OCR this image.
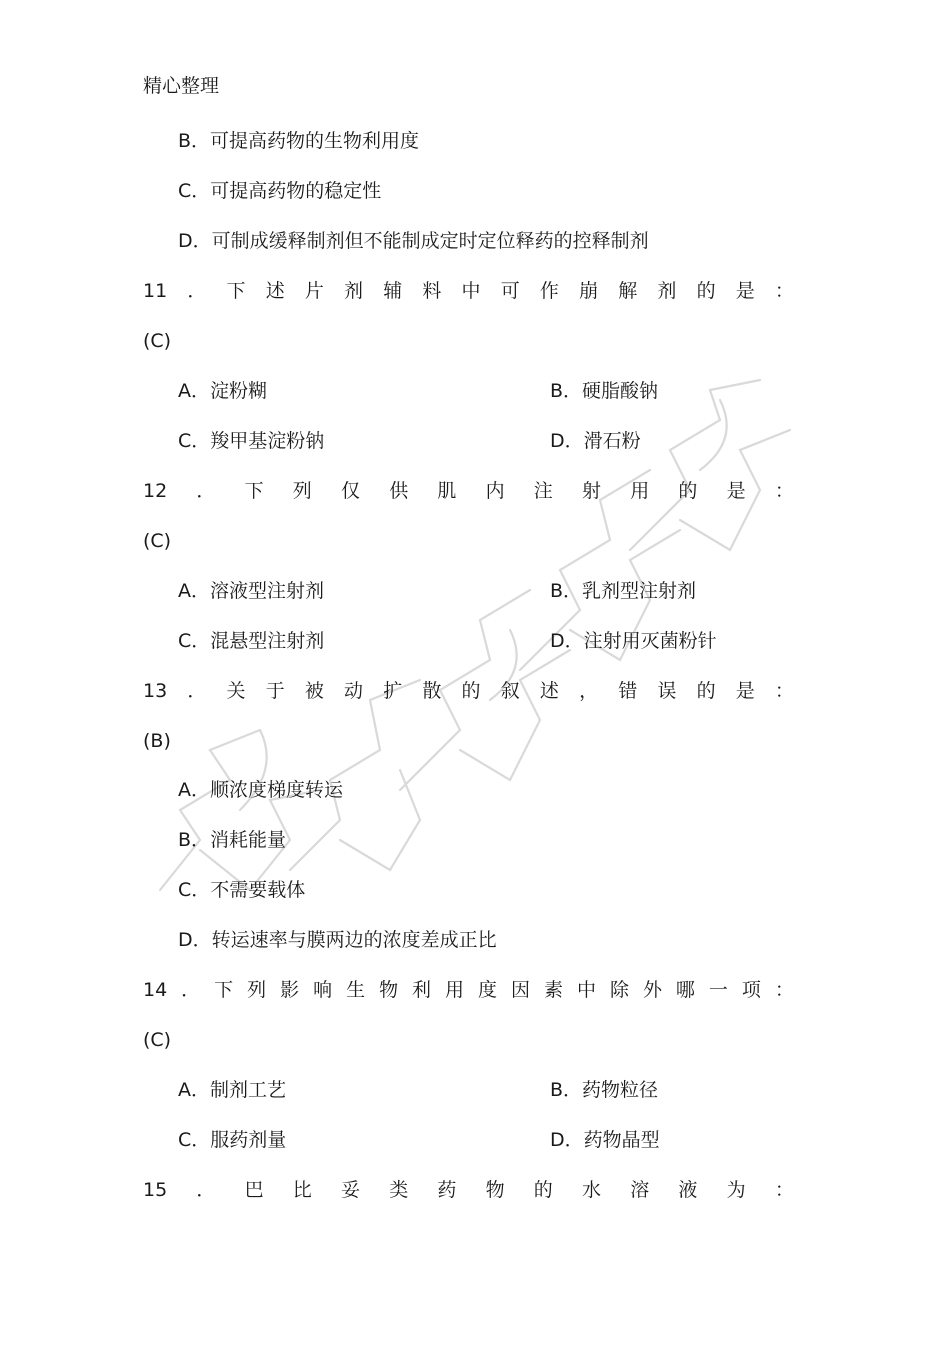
精心整理
B．可提高药物的生物利用度
C．可提高药物的稳定性
D．可制成缓释制剂但不能制成定时定位释药的控释制剂
11 ． 下 述 片 剂 辅 料 中 可 作 崩 解 剂 的 是 ：
(C)
A．淀粉糊	B．硬脂酸钠
C．羧甲基淀粉钠	D．滑石粉
12 ． 下 列 仅 供 肌 内 注 射 用 的 是 ：
(C)
A．溶液型注射剂	B．乳剂型注射剂
C．混悬型注射剂	D．注射用灭菌粉针
13 ． 关 于 被 动 扩 散 的 叙 述 ， 错 误 的 是 ：
(B)
A．顺浓度梯度转运
B．消耗能量
C．不需要载体
D．转运速率与膜两边的浓度差成正比
14 ． 下 列 影 响 生 物 利 用 度 因 素 中 除 外 哪 一 项 ：
(C)
A．制剂工艺	B．药物粒径
C．服药剂量	D．药物晶型
15 ． 巴 比 妥 类 药 物 的 水 溶 液 为 ：
